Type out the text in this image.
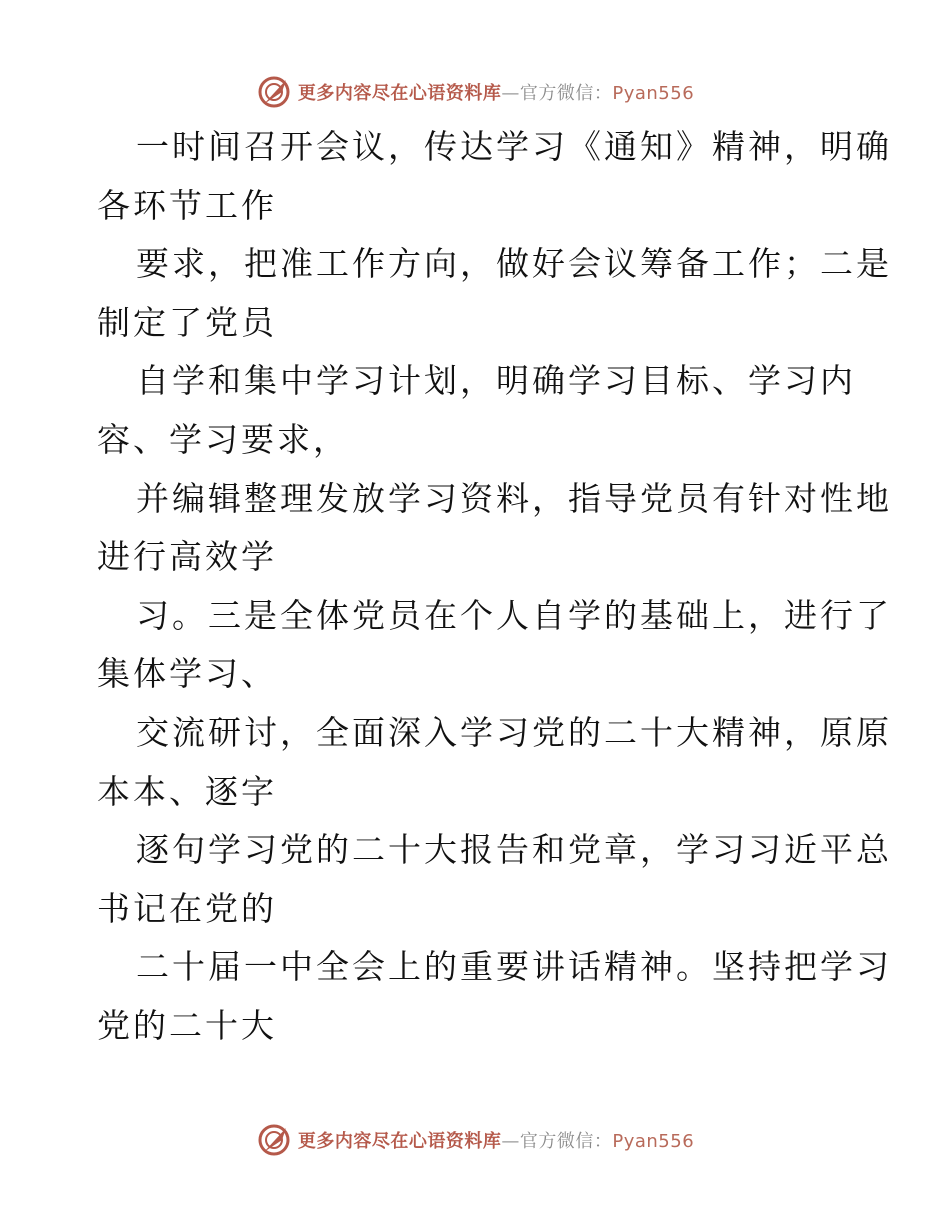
更多内容尽在心语资料库—官方微信：Pyan556
一时间召开会议，传达学习《通知》精神，明确
各环节工作
要求，把准工作方向，做好会议筹备工作；二是
制定了党员
自学和集中学习计划，明确学习目标、学习内
容、学习要求，
并编辑整理发放学习资料，指导党员有针对性地
进行高效学
习。三是全体党员在个人自学的基础上，进行了
集体学习、
交流研讨，全面深入学习党的二十大精神，原原
本本、逐字
逐句学习党的二十大报告和党章，学习习近平总
书记在党的
二十届一中全会上的重要讲话精神。坚持把学习
党的二十大
更多内容尽在心语资料库—官方微信：Pyan556
